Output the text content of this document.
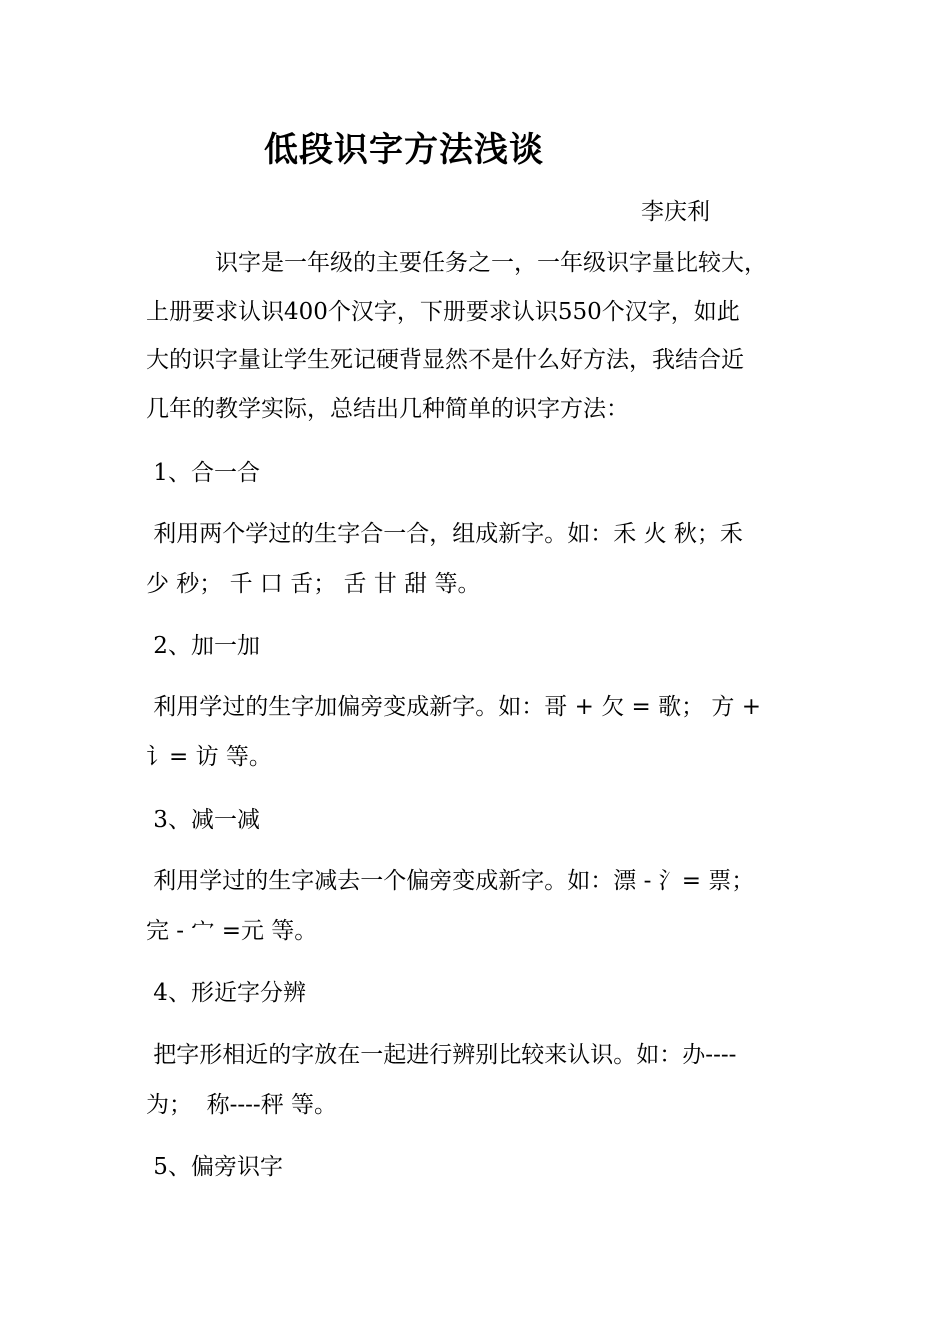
低段识字方法浅谈
李庆利
　　　识字是一年级的主要任务之一，一年级识字量比较大，
上册要求认识400个汉字，下册要求认识550个汉字，如此
大的识字量让学生死记硬背显然不是什么好方法，我结合近
几年的教学实际，总结出几种简单的识字方法：
1、合一合
利用两个学过的生字合一合，组成新字。如：禾 火 秋；禾
少 秒； 千 口 舌； 舌 甘 甜 等。
2、加一加
利用学过的生字加偏旁变成新字。如：哥 + 欠 = 歌； 方 +
讠= 访 等。
3、减一减
利用学过的生字减去一个偏旁变成新字。如：漂 - 氵= 票；
完 - 宀 =元 等。
4、形近字分辨
把字形相近的字放在一起进行辨别比较来认识。如：办----
为；  称----秤 等。
5、偏旁识字
